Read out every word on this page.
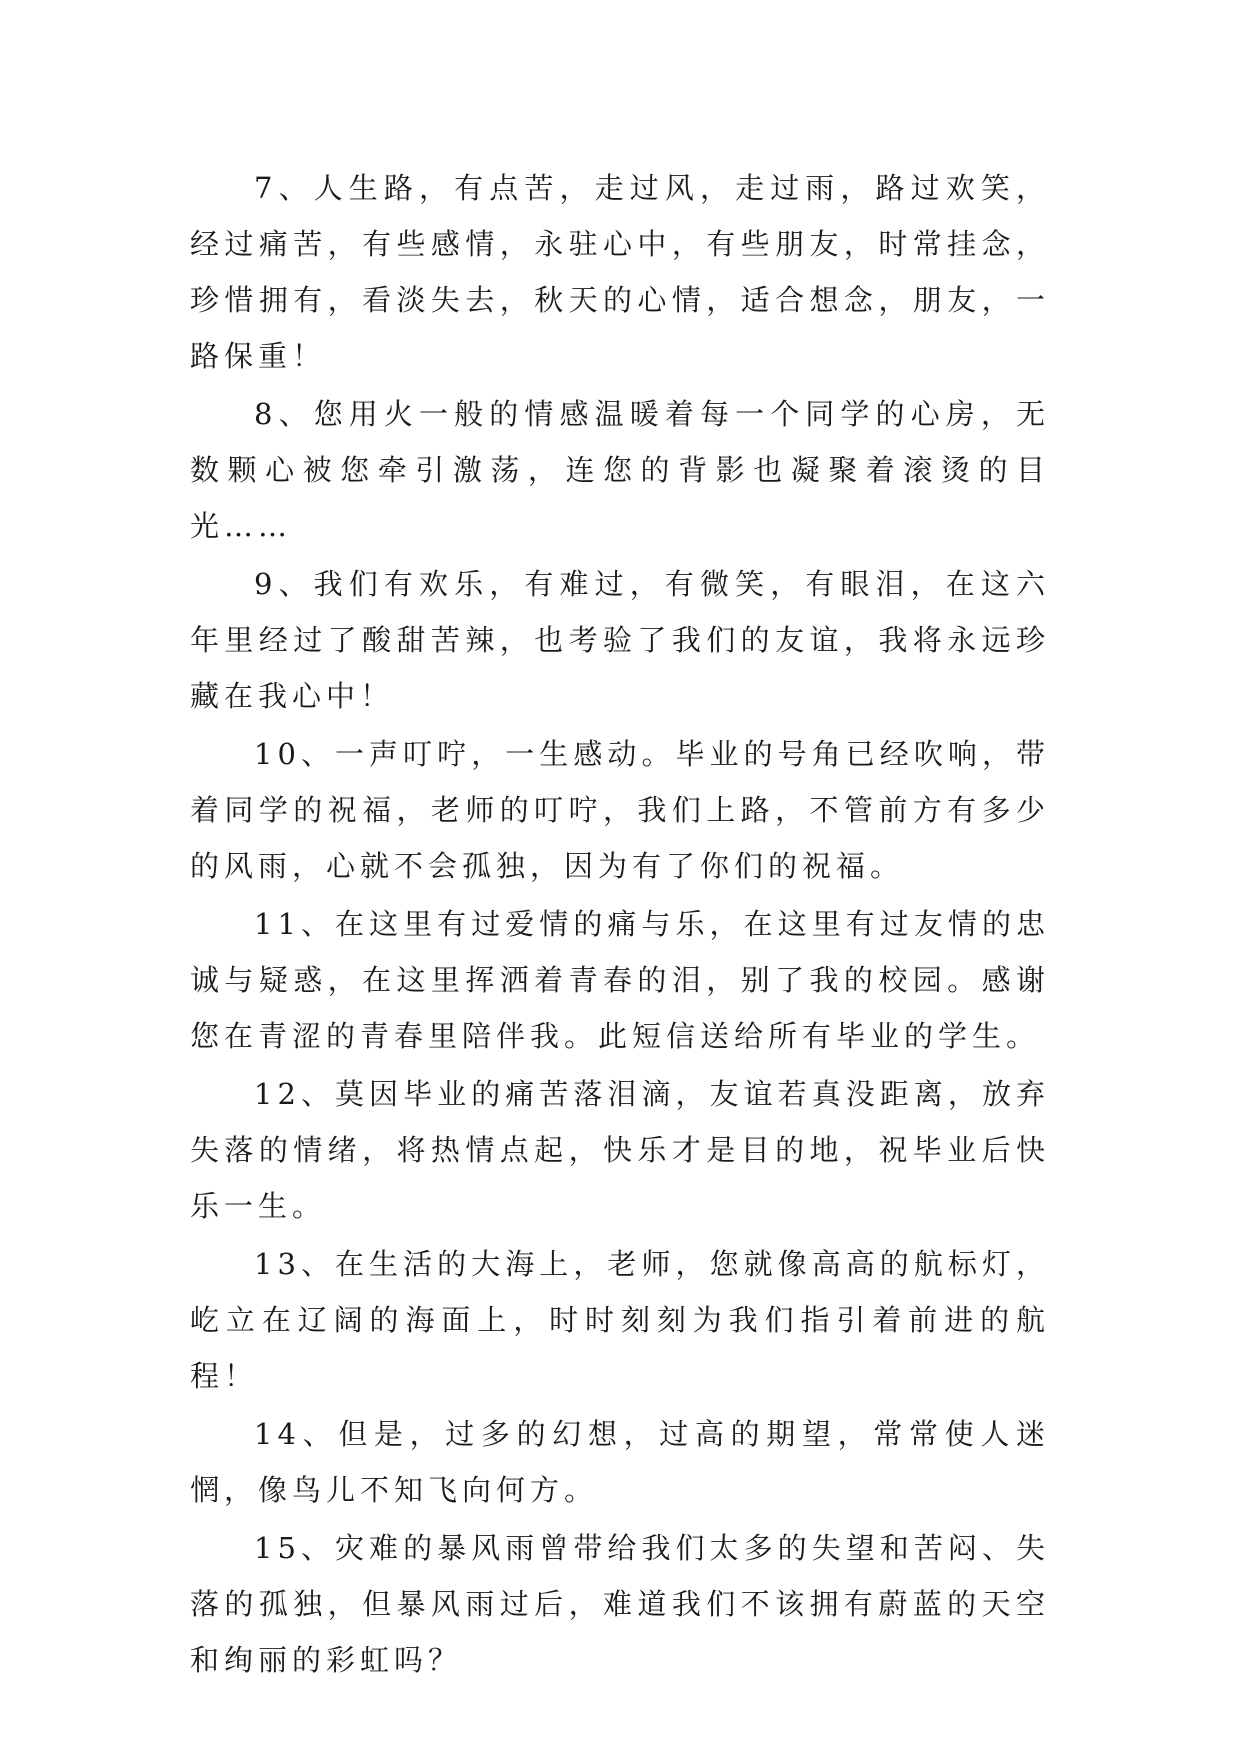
7、人生路，有点苦，走过风，走过雨，路过欢笑，经过痛苦，有些感情，永驻心中，有些朋友，时常挂念，珍惜拥有，看淡失去，秋天的心情，适合想念，朋友，一路保重！

8、您用火一般的情感温暖着每一个同学的心房，无数颗心被您牵引激荡，连您的背影也凝聚着滚烫的目光……

9、我们有欢乐，有难过，有微笑，有眼泪，在这六年里经过了酸甜苦辣，也考验了我们的友谊，我将永远珍藏在我心中！

10、一声叮咛，一生感动。毕业的号角已经吹响，带着同学的祝福，老师的叮咛，我们上路，不管前方有多少的风雨，心就不会孤独，因为有了你们的祝福。

11、在这里有过爱情的痛与乐，在这里有过友情的忠诚与疑惑，在这里挥洒着青春的泪，别了我的校园。感谢您在青涩的青春里陪伴我。此短信送给所有毕业的学生。

12、莫因毕业的痛苦落泪滴，友谊若真没距离，放弃失落的情绪，将热情点起，快乐才是目的地，祝毕业后快乐一生。

13、在生活的大海上，老师，您就像高高的航标灯，屹立在辽阔的海面上，时时刻刻为我们指引着前进的航程！

14、但是，过多的幻想，过高的期望，常常使人迷惘，像鸟儿不知飞向何方。

15、灾难的暴风雨曾带给我们太多的失望和苦闷、失落的孤独，但暴风雨过后，难道我们不该拥有蔚蓝的天空和绚丽的彩虹吗？
